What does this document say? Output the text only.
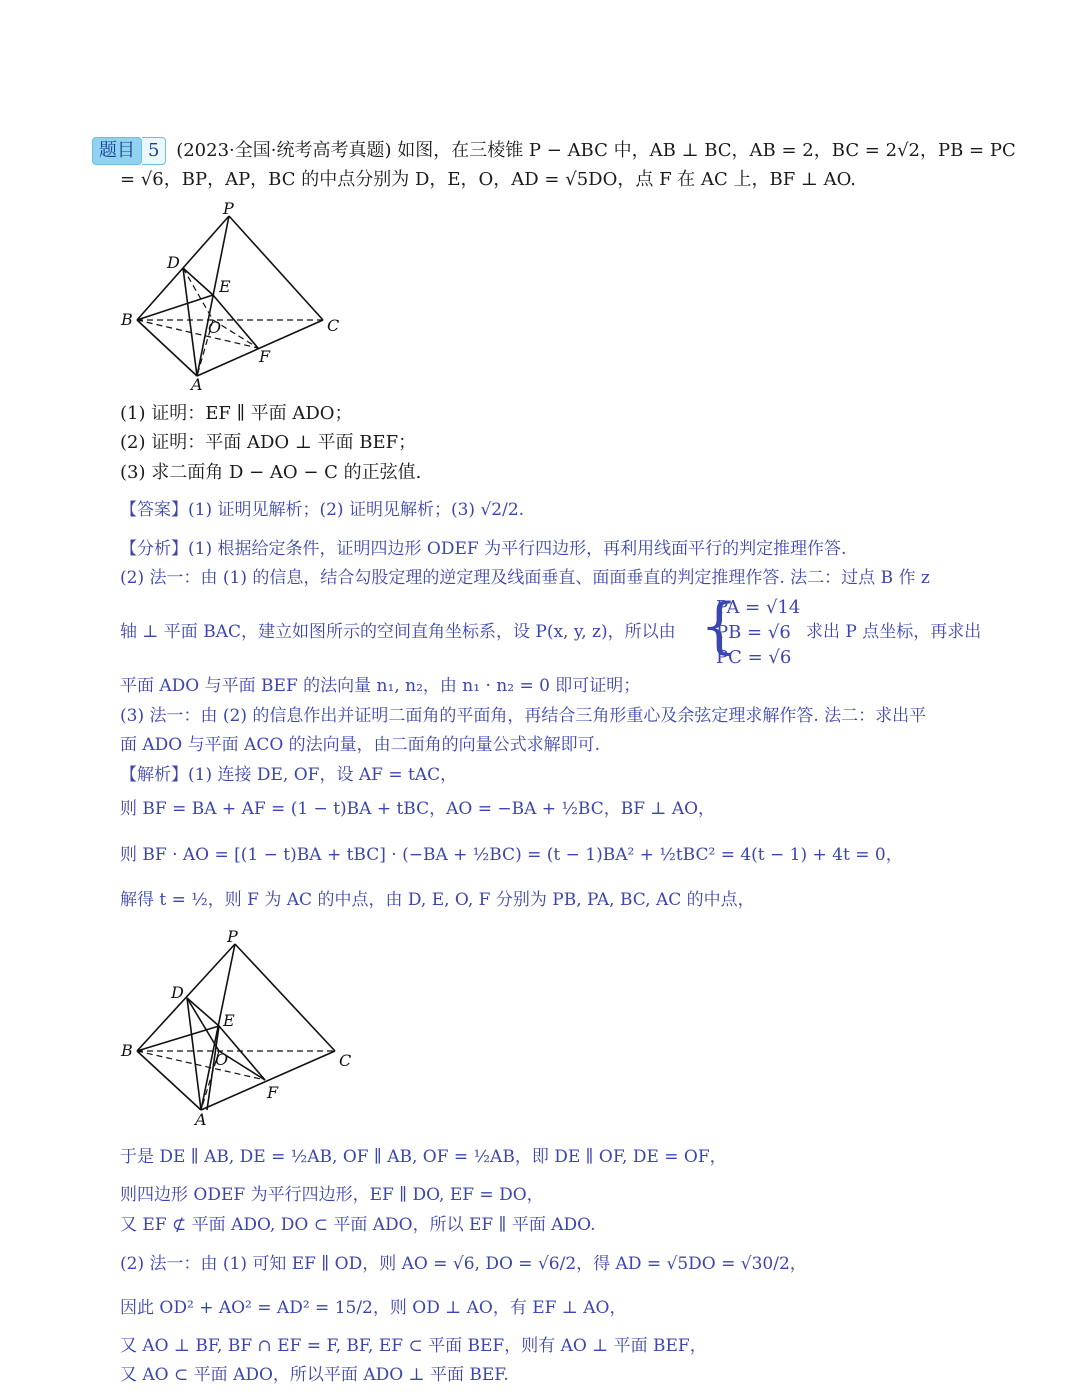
题目 5 (2023·全国·统考高考真题) 如图，在三棱锥 P − ABC 中，AB ⊥ BC，AB = 2，BC = 2√2，PB = PC
= √6，BP，AP，BC 的中点分别为 D，E，O，AD = √5DO，点 F 在 AC 上，BF ⊥ AO.
P
D
E
B	O	C
F
A
(1) 证明：EF ∥ 平面 ADO；
(2) 证明：平面 ADO ⊥ 平面 BEF；
(3) 求二面角 D − AO − C 的正弦值.
【答案】(1) 证明见解析；(2) 证明见解析；(3) √2/2.
【分析】(1) 根据给定条件，证明四边形 ODEF 为平行四边形，再利用线面平行的判定推理作答.
(2) 法一：由 (1) 的信息，结合勾股定理的逆定理及线面垂直、面面垂直的判定推理作答. 法二：过点 B 作 z
轴 ⊥ 平面 BAC，建立如图所示的空间直角坐标系，设 P(x, y, z)，所以由 {
PA = √14
PB = √6
PC = √6
求出 P 点坐标，再求出
平面 ADO 与平面 BEF 的法向量 n₁, n₂，由 n₁ · n₂ = 0 即可证明；
(3) 法一：由 (2) 的信息作出并证明二面角的平面角，再结合三角形重心及余弦定理求解作答. 法二：求出平
面 ADO 与平面 ACO 的法向量，由二面角的向量公式求解即可.
【解析】(1) 连接 DE, OF，设 AF = tAC，
则 BF = BA + AF = (1 − t)BA + tBC，AO = −BA + ½BC，BF ⊥ AO，
则 BF · AO = [(1 − t)BA + tBC] · (−BA + ½BC) = (t − 1)BA² + ½tBC² = 4(t − 1) + 4t = 0，
解得 t = ½，则 F 为 AC 的中点，由 D, E, O, F 分别为 PB, PA, BC, AC 的中点，
P
D
E
B	O	C
F
A
于是 DE ∥ AB, DE = ½AB, OF ∥ AB, OF = ½AB，即 DE ∥ OF, DE = OF，
则四边形 ODEF 为平行四边形，EF ∥ DO, EF = DO，
又 EF ⊄ 平面 ADO, DO ⊂ 平面 ADO，所以 EF ∥ 平面 ADO.
(2) 法一：由 (1) 可知 EF ∥ OD，则 AO = √6, DO = √6/2，得 AD = √5DO = √30/2，
因此 OD² + AO² = AD² = 15/2，则 OD ⊥ AO，有 EF ⊥ AO，
又 AO ⊥ BF, BF ∩ EF = F, BF, EF ⊂ 平面 BEF，则有 AO ⊥ 平面 BEF，
又 AO ⊂ 平面 ADO，所以平面 ADO ⊥ 平面 BEF.
